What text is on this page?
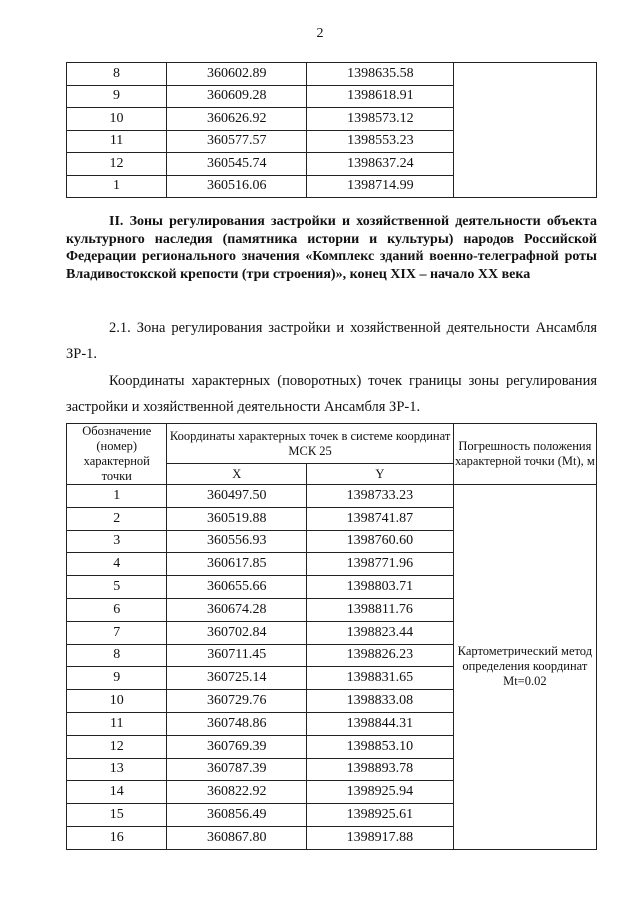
2
8	360602.89	1398635.58	
9	360609.28	1398618.91	
10	360626.92	1398573.12	
11	360577.57	1398553.23	
12	360545.74	1398637.24	
1	360516.06	1398714.99	
II. Зоны регулирования застройки и хозяйственной деятельности объекта культурного наследия (памятника истории и культуры) народов Российской Федерации регионального значения «Комплекс зданий военно-телеграфной роты Владивостокской крепости (три строения)», конец XIX – начало XX века
2.1. Зона регулирования застройки и хозяйственной деятельности Ансамбля ЗР-1.
Координаты характерных (поворотных) точек границы зоны регулирования застройки и хозяйственной деятельности Ансамбля ЗР-1.
Обозначение (номер) характерной точки	Координаты характерных точек в системе координат МСК 25		Погрешность положения характерной точки (Mt), м
	X	Y	
1	360497.50	1398733.23	Картометрический метод определения координат Mt=0.02
2	360519.88	1398741.87	
3	360556.93	1398760.60	
4	360617.85	1398771.96	
5	360655.66	1398803.71	
6	360674.28	1398811.76	
7	360702.84	1398823.44	
8	360711.45	1398826.23	
9	360725.14	1398831.65	
10	360729.76	1398833.08	
11	360748.86	1398844.31	
12	360769.39	1398853.10	
13	360787.39	1398893.78	
14	360822.92	1398925.94	
15	360856.49	1398925.61	
16	360867.80	1398917.88	
